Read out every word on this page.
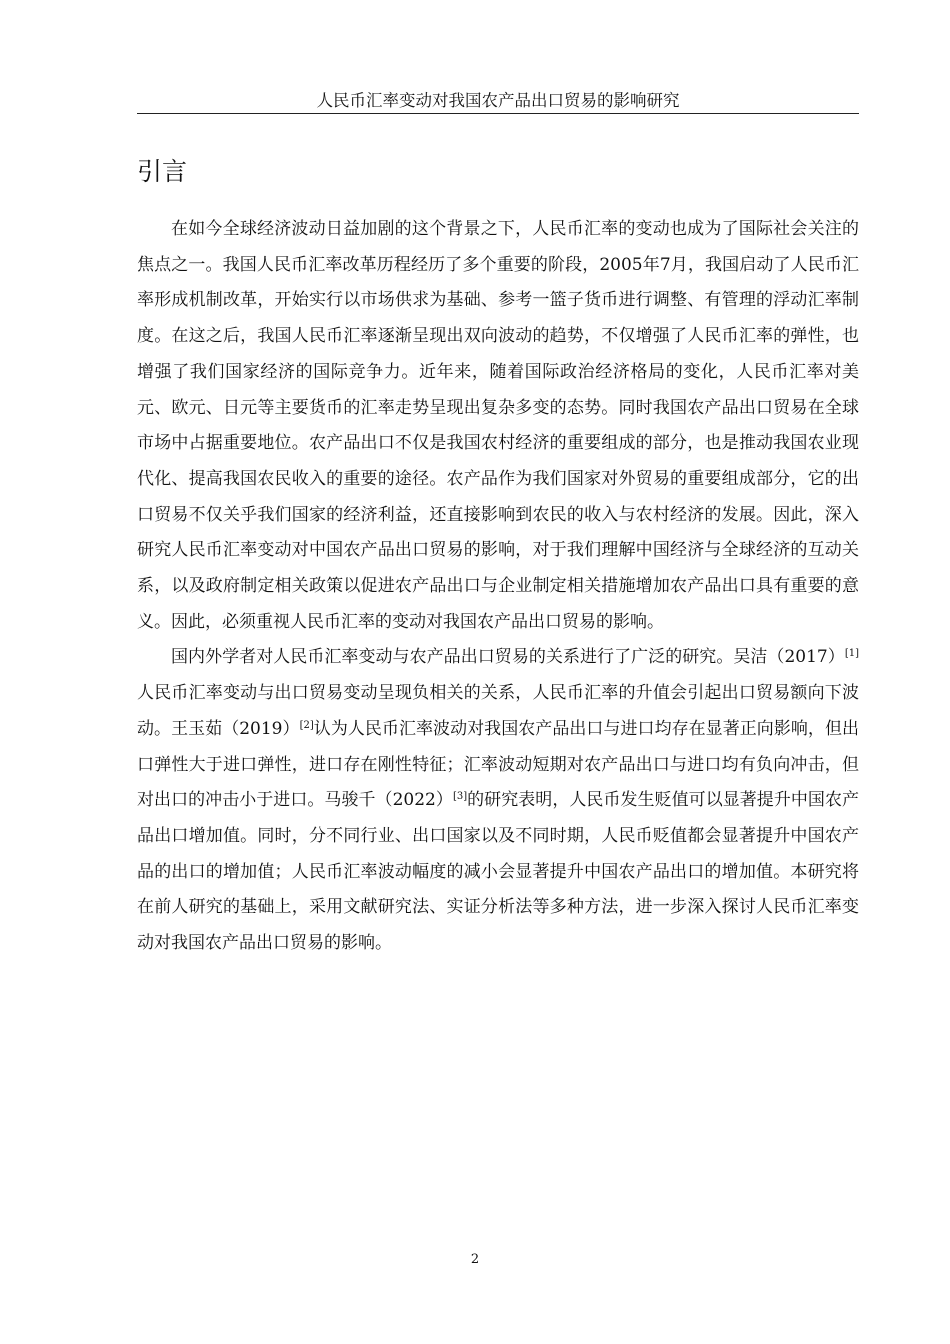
人民币汇率变动对我国农产品出口贸易的影响研究
引言

在如今全球经济波动日益加剧的这个背景之下，人民币汇率的变动也成为了国际社会关注的焦点之一。我国人民币汇率改革历程经历了多个重要的阶段，2005年7月，我国启动了人民币汇率形成机制改革，开始实行以市场供求为基础、参考一篮子货币进行调整、有管理的浮动汇率制度。在这之后，我国人民币汇率逐渐呈现出双向波动的趋势，不仅增强了人民币汇率的弹性，也增强了我们国家经济的国际竞争力。近年来，随着国际政治经济格局的变化，人民币汇率对美元、欧元、日元等主要货币的汇率走势呈现出复杂多变的态势。同时我国农产品出口贸易在全球市场中占据重要地位。农产品出口不仅是我国农村经济的重要组成的部分，也是推动我国农业现代化、提高我国农民收入的重要的途径。农产品作为我们国家对外贸易的重要组成部分，它的出口贸易不仅关乎我们国家的经济利益，还直接影响到农民的收入与农村经济的发展。因此，深入研究人民币汇率变动对中国农产品出口贸易的影响，对于我们理解中国经济与全球经济的互动关系，以及政府制定相关政策以促进农产品出口与企业制定相关措施增加农产品出口具有重要的意义。因此，必须重视人民币汇率的变动对我国农产品出口贸易的影响。

国内外学者对人民币汇率变动与农产品出口贸易的关系进行了广泛的研究。吴洁（2017）[1]人民币汇率变动与出口贸易变动呈现负相关的关系，人民币汇率的升值会引起出口贸易额向下波动。王玉茹（2019）[2]认为人民币汇率波动对我国农产品出口与进口均存在显著正向影响，但出口弹性大于进口弹性，进口存在刚性特征；汇率波动短期对农产品出口与进口均有负向冲击，但对出口的冲击小于进口。马骏千（2022）[3]的研究表明，人民币发生贬值可以显著提升中国农产品出口增加值。同时，分不同行业、出口国家以及不同时期，人民币贬值都会显著提升中国农产品的出口的增加值；人民币汇率波动幅度的减小会显著提升中国农产品出口的增加值。本研究将在前人研究的基础上，采用文献研究法、实证分析法等多种方法，进一步深入探讨人民币汇率变动对我国农产品出口贸易的影响。

2
